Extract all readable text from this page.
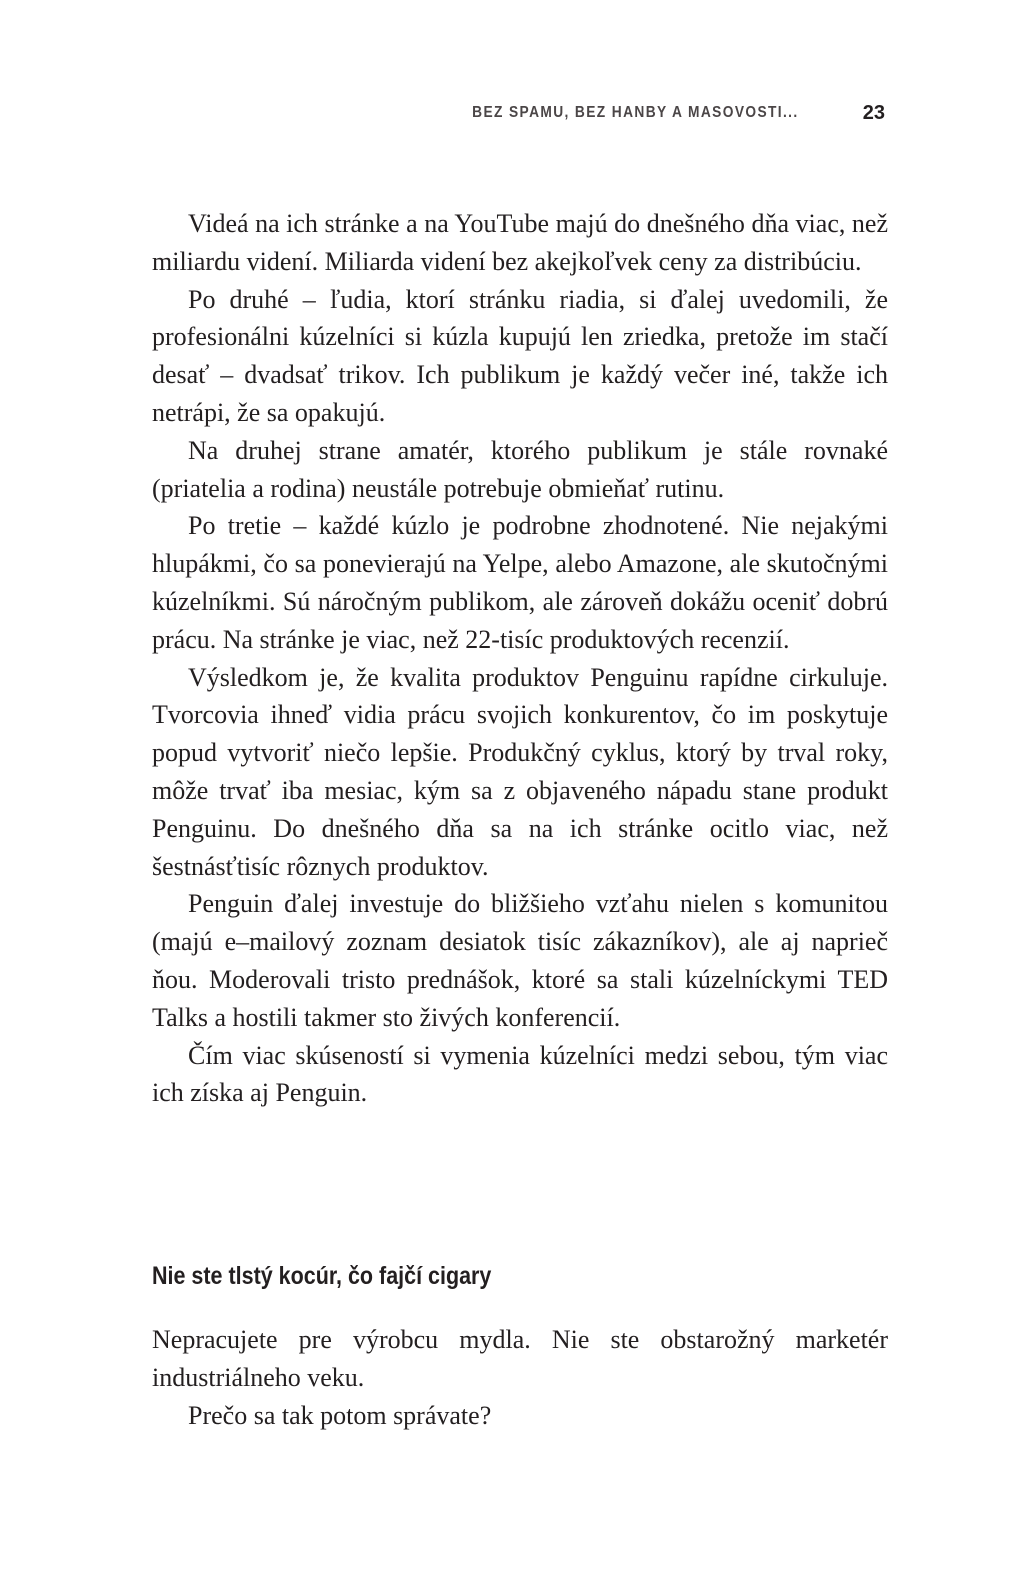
BEZ SPAMU, BEZ HANBY A MASOVOSTI...	23

Videá na ich stránke a na YouTube majú do dnešného dňa viac, než miliardu videní. Miliarda videní bez akejkoľvek ceny za distribúciu.

Po druhé – ľudia, ktorí stránku riadia, si ďalej uvedomili, že profesionálni kúzelníci si kúzla kupujú len zriedka, pretože im stačí desať – dvadsať trikov. Ich publikum je každý večer iné, takže ich netrápi, že sa opakujú.

Na druhej strane amatér, ktorého publikum je stále rovnaké (priatelia a rodina) neustále potrebuje obmieňať rutinu.

Po tretie – každé kúzlo je podrobne zhodnotené. Nie nejakými hlupákmi, čo sa ponevierajú na Yelpe, alebo Amazone, ale skutočnými kúzelníkmi. Sú náročným publikom, ale zároveň dokážu oceniť dobrú prácu. Na stránke je viac, než 22-tisíc produktových recenzií.

Výsledkom je, že kvalita produktov Penguinu rapídne cirkuluje. Tvorcovia ihneď vidia prácu svojich konkurentov, čo im poskytuje popud vytvoriť niečo lepšie. Produkčný cyklus, ktorý by trval roky, môže trvať iba mesiac, kým sa z objaveného nápadu stane produkt Penguinu. Do dnešného dňa sa na ich stránke ocitlo viac, než šestnásťtisíc rôznych produktov.

Penguin ďalej investuje do bližšieho vzťahu nielen s komunitou (majú e–mailový zoznam desiatok tisíc zákazníkov), ale aj naprieč ňou. Moderovali tristo prednášok, ktoré sa stali kúzelníckymi TED Talks a hostili takmer sto živých konferencií.

Čím viac skúseností si vymenia kúzelníci medzi sebou, tým viac ich získa aj Penguin.

Nie ste tlstý kocúr, čo fajčí cigary

Nepracujete pre výrobcu mydla. Nie ste obstarožný marketér industriálneho veku.

Prečo sa tak potom správate?
